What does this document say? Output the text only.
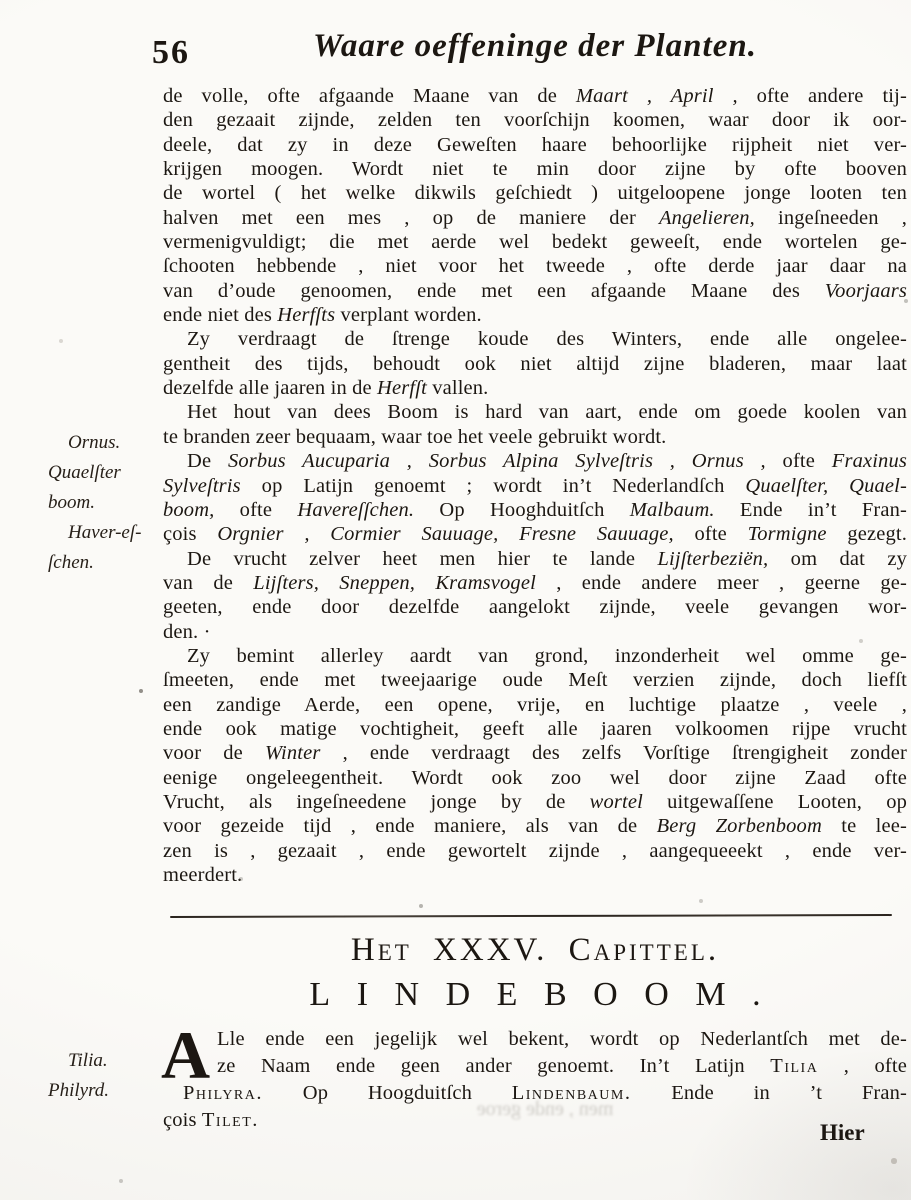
56	Waare oeffeninge der Planten.
Ornus.
Quaelſter
boom.
Haver-eſ-
ſchen.
Tilia.
Philyrd.
de volle, ofte afgaande Maane van de Maart , April , ofte andere tij-
den gezaait zijnde, zelden ten voorſchijn koomen, waar door ik oor-
deele, dat zy in deze Geweſten haare behoorlijke rijpheit niet ver-
krijgen moogen. Wordt niet te min door zijne by ofte booven
de wortel ( het welke dikwils geſchiedt ) uitgeloopene jonge looten ten
halven met een mes , op de maniere der Angelieren, ingeſneeden ,
vermenigvuldigt; die met aerde wel bedekt geweeſt, ende wortelen ge-
ſchooten hebbende , niet voor het tweede , ofte derde jaar daar na
van d’oude genoomen, ende met een afgaande Maane des Voorjaars
ende niet des Herfſts verplant worden.
Zy verdraagt de ſtrenge koude des Winters, ende alle ongelee-
gentheit des tijds, behoudt ook niet altijd zijne bladeren, maar laat
dezelfde alle jaaren in de Herfſt vallen.
Het hout van dees Boom is hard van aart, ende om goede koolen van
te branden zeer bequaam, waar toe het veele gebruikt wordt.
De Sorbus Aucuparia , Sorbus Alpina Sylveſtris , Ornus , ofte Fraxinus
Sylveſtris op Latijn genoemt ; wordt in’t Nederlandſch Quaelſter, Quael-
boom, ofte Havereſſchen. Op Hooghduitſch Malbaum. Ende in’t Fran-
çois Orgnier , Cormier Sauuage, Fresne Sauuage, ofte Tormigne gezegt.
De vrucht zelver heet men hier te lande Lijſterbeziën, om dat zy
van de Lijſters, Sneppen, Kramsvogel , ende andere meer , geerne ge-
geeten, ende door dezelfde aangelokt zijnde, veele gevangen wor-
den. ·
Zy bemint allerley aardt van grond, inzonderheit wel omme ge-
ſmeeten, ende met tweejaarige oude Meſt verzien zijnde, doch liefſt
een zandige Aerde, een opene, vrije, en luchtige plaatze , veele ,
ende ook matige vochtigheit, geeft alle jaaren volkoomen rijpe vrucht
voor de Winter , ende verdraagt des zelfs Vorſtige ſtrengigheit zonder
eenige ongeleegentheit. Wordt ook zoo wel door zijne Zaad ofte
Vrucht, als ingeſneedene jonge by de wortel uitgewaſſene Looten, op
voor gezeide tijd , ende maniere, als van de Berg Zorbenboom te lee-
zen is , gezaait , ende gewortelt zijnde , aangequeeekt , ende ver-
meerdert.
Het XXXV. Capittel.
LINDEBOOM.
A Lle ende een jegelijk wel bekent, wordt op Nederlantſch met de-
ze Naam ende geen ander genoemt. In’t Latijn Tilia , ofte
Philyra. Op Hoogduitſch Lindenbaum. Ende in ’t Fran-
çois Tilet.	Hier
men , ende geroe
